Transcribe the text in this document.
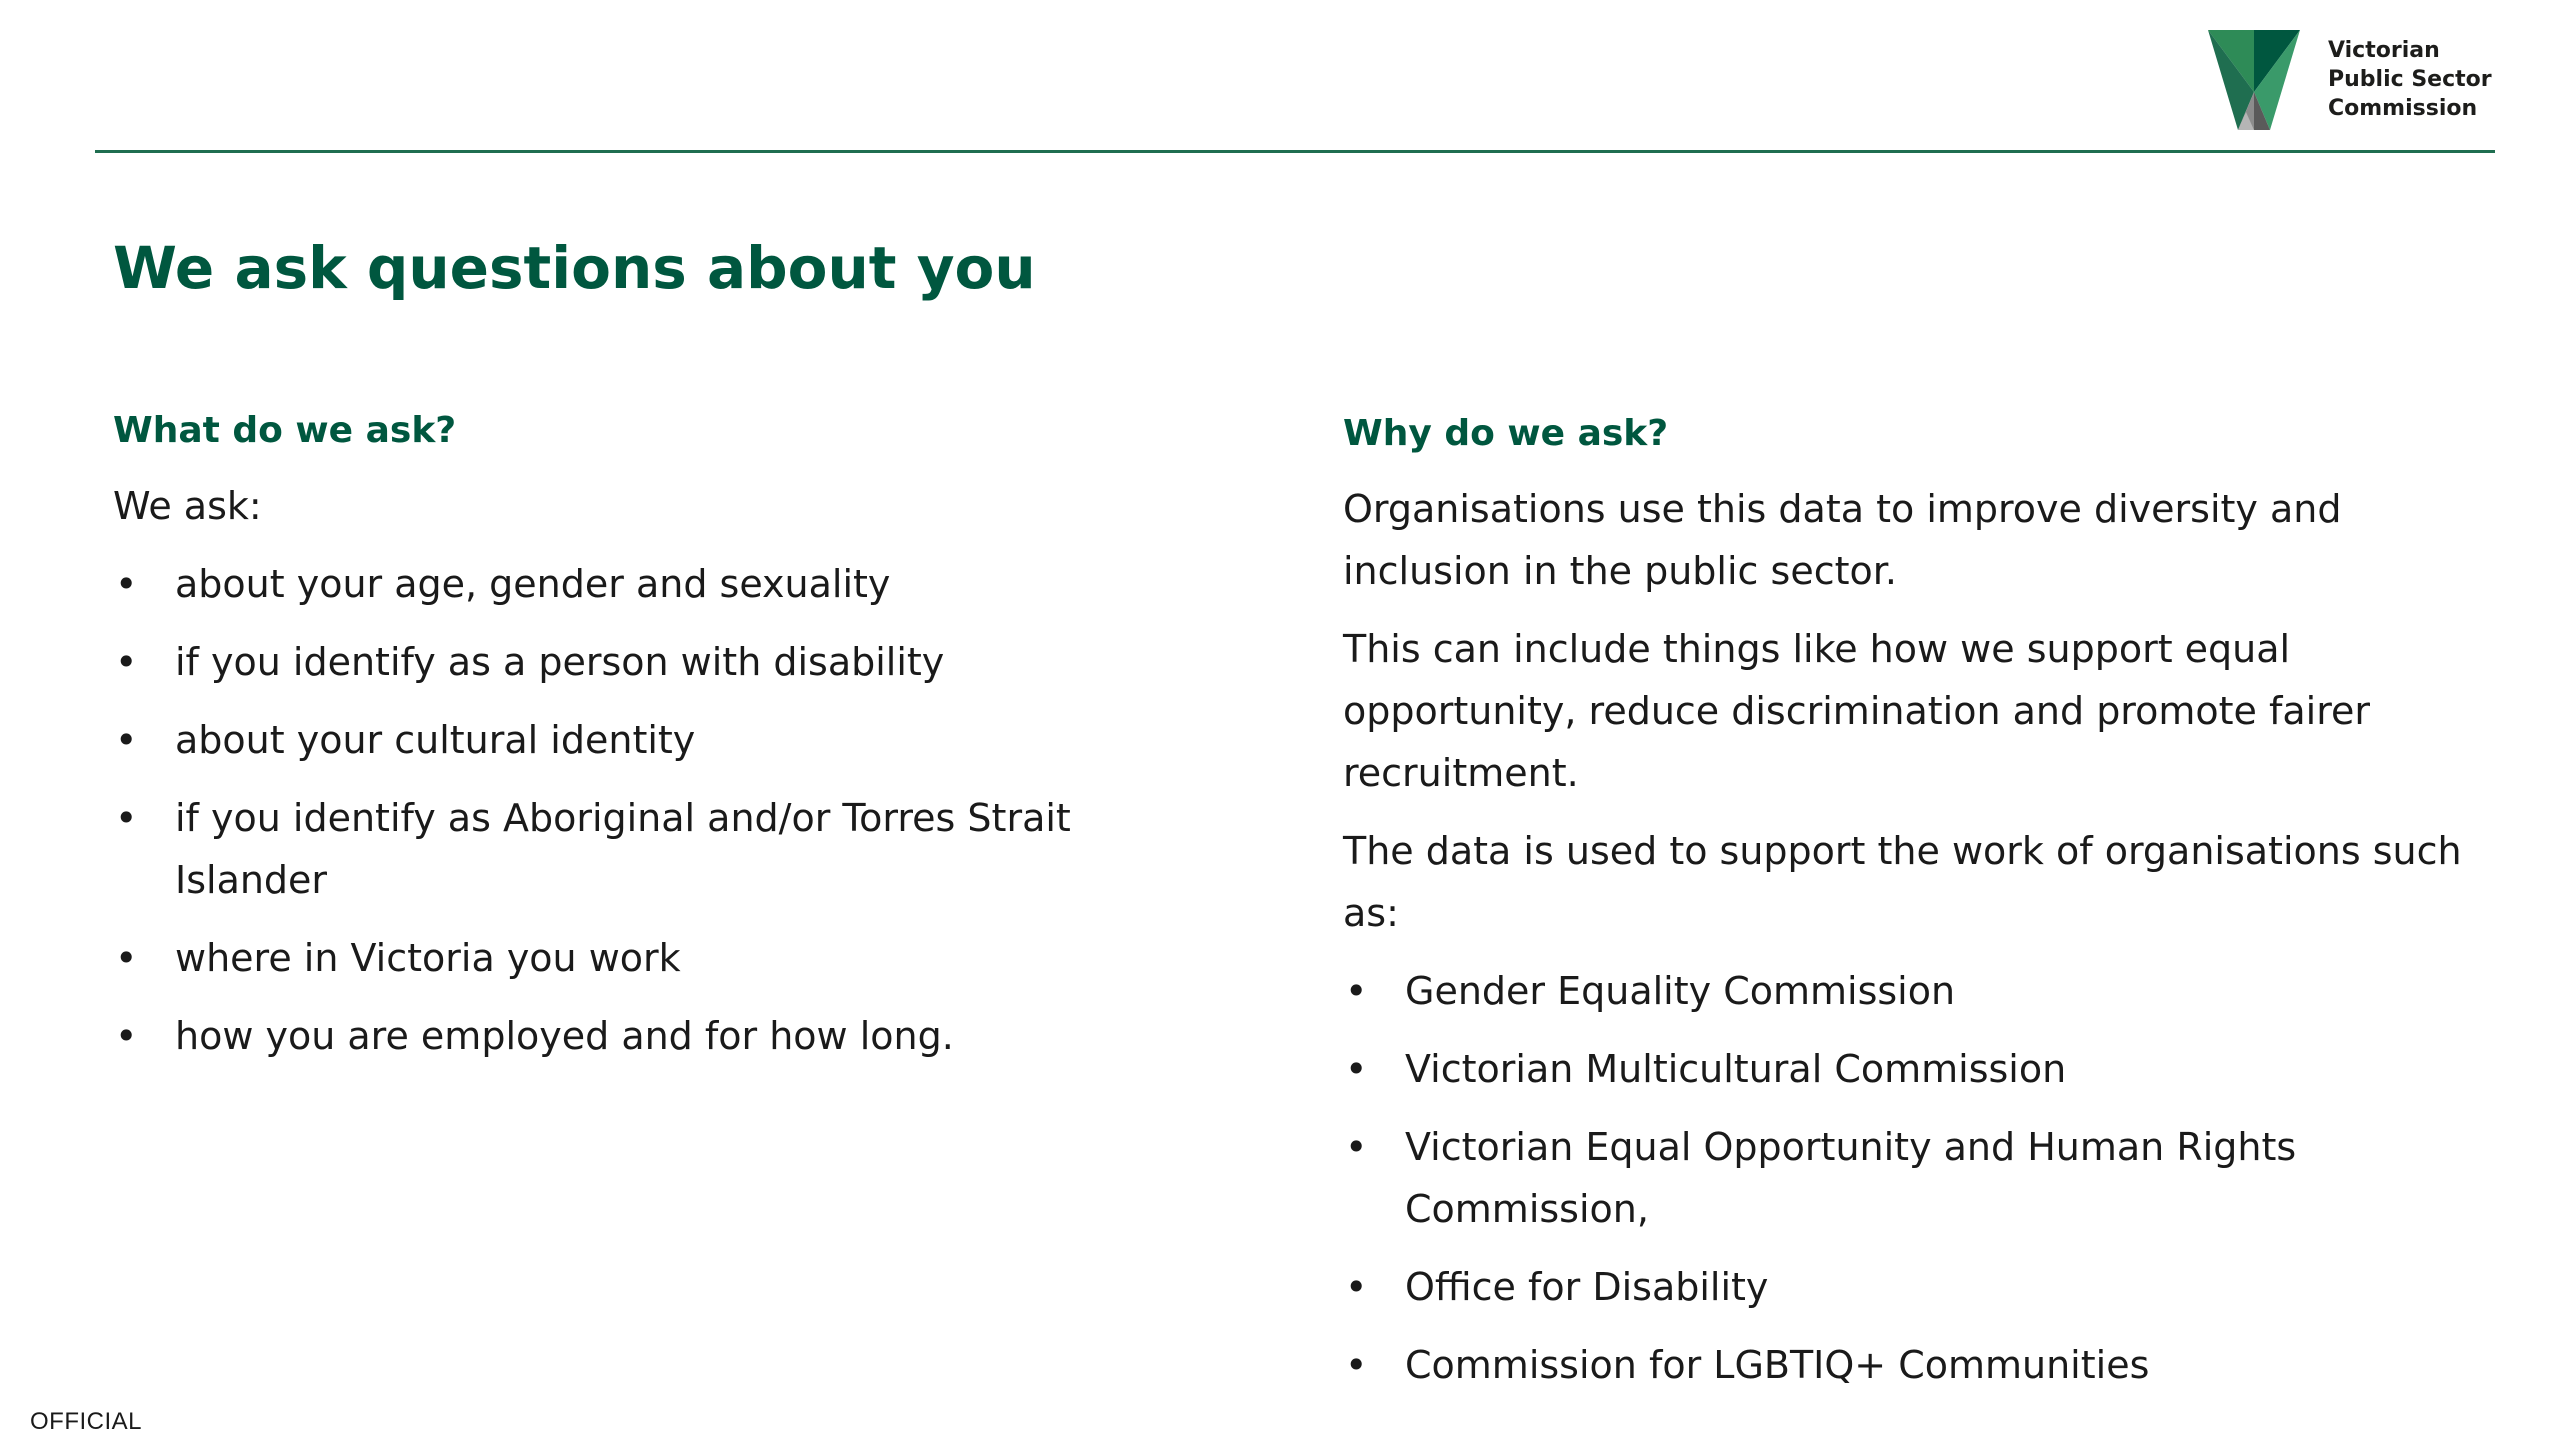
Victorian
Public Sector
Commission
We ask questions about you
What do we ask?

We ask:

• about your age, gender and sexuality
• if you identify as a person with disability
• about your cultural identity
• if you identify as Aboriginal and/or Torres Strait Islander
• where in Victoria you work
• how you are employed and for how long.
Why do we ask?

Organisations use this data to improve diversity and inclusion in the public sector.

This can include things like how we support equal opportunity, reduce discrimination and promote fairer recruitment.

The data is used to support the work of organisations such as:

• Gender Equality Commission
• Victorian Multicultural Commission
• Victorian Equal Opportunity and Human Rights Commission,
• Office for Disability
• Commission for LGBTIQ+ Communities
OFFICIAL
